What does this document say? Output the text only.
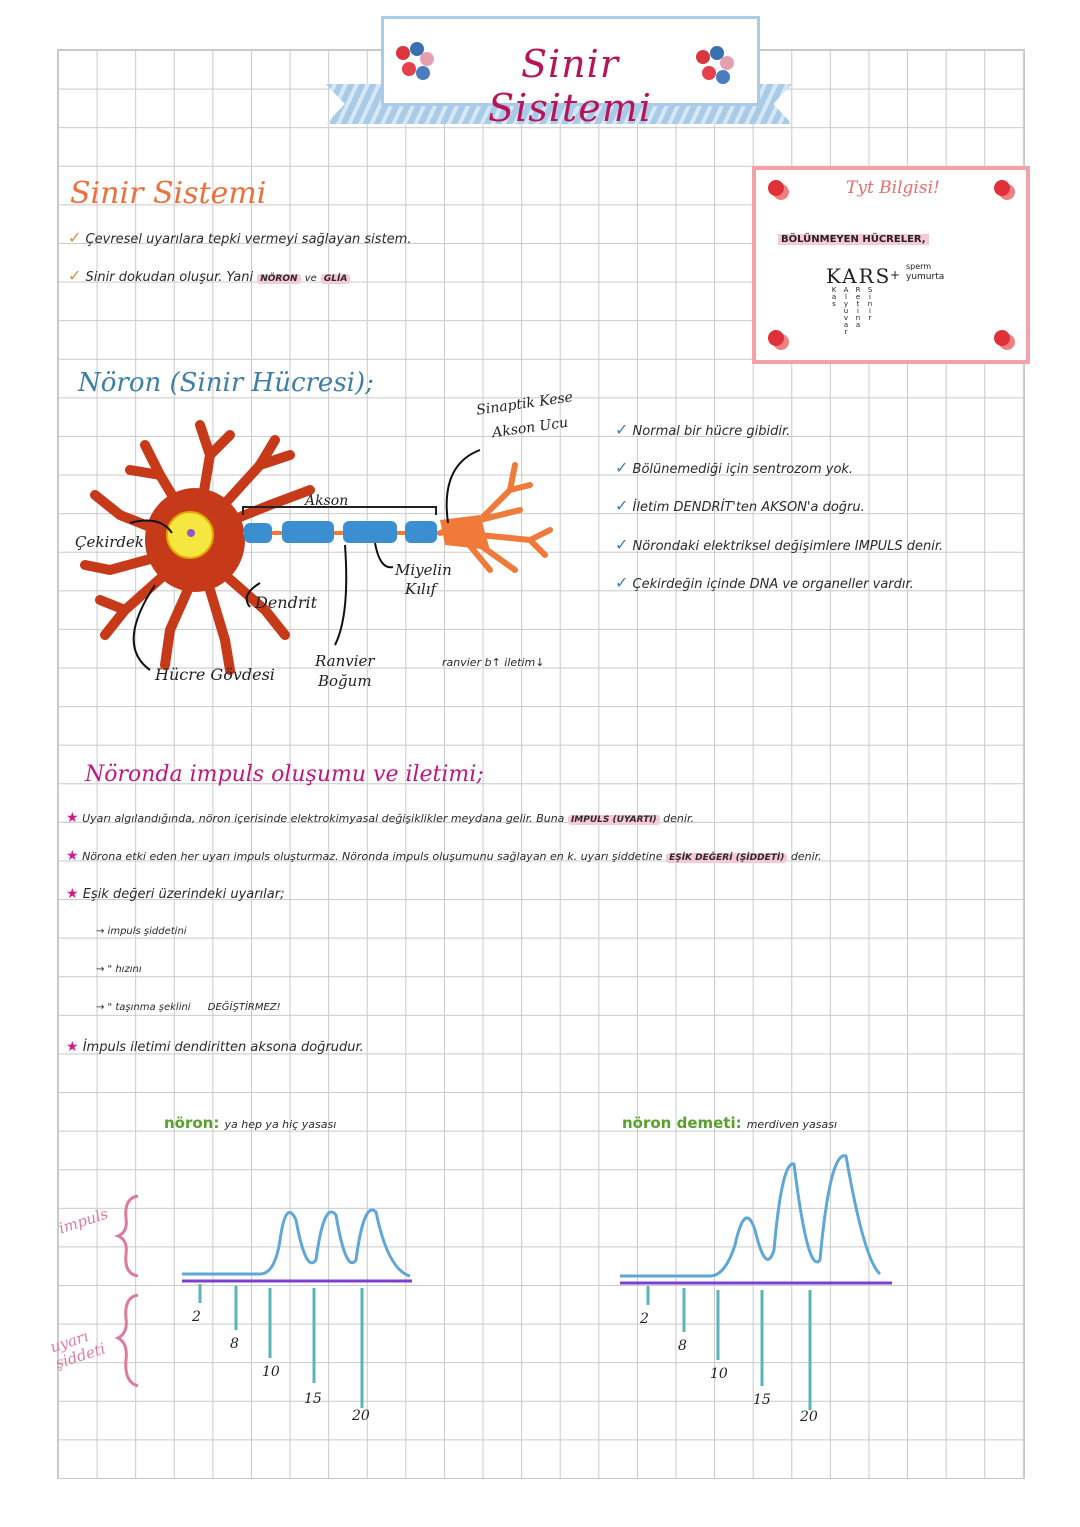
Sinir Sisitemi
Sinir Sistemi
✓ Çevresel uyarılara tepki vermeyi sağlayan sistem.
✓ Sinir dokudan oluşur. Yani NÖRON ve GLİA
Tyt Bilgisi!
BÖLÜNMEYEN HÜCRELER,
KARS
+
sperm
yumurta
Kas Alyuvar Retina Sinir
Nöron (Sinir Hücresi);
Çekirdek
Akson
Dendrit
Hücre Gövdesi
Ranvier
Boğum
Miyelin
Kılıf
Sinaptik Kese
Akson Ucu
ranvier b↑ iletim↓
✓ Normal bir hücre gibidir.
✓ Bölünemediği için sentrozom yok.
✓ İletim DENDRİT'ten AKSON'a doğru.
✓ Nörondaki elektriksel değişimlere IMPULS denir.
✓ Çekirdeğin içinde DNA ve organeller vardır.
Nöronda impuls oluşumu ve iletimi;
★ Uyarı algılandığında, nöron içerisinde elektrokimyasal değişiklikler meydana gelir. Buna IMPULS (UYARTI) denir.
★ Nörona etki eden her uyarı impuls oluşturmaz. Nöronda impuls oluşumunu sağlayan en k. uyarı şiddetine EŞİK DEĞERİ (ŞİDDETİ) denir.
★ Eşik değeri üzerindeki uyarılar;
→ impuls şiddetini
→ " hızını
→ " taşınma şeklini DEĞİŞTİRMEZ!
★ İmpuls iletimi dendiritten aksona doğrudur.
nöron: ya hep ya hiç yasası	nöron demeti: merdiven yasası
impuls
uyarı şiddeti
2
8
10
15
20
2
8
10
15
20
